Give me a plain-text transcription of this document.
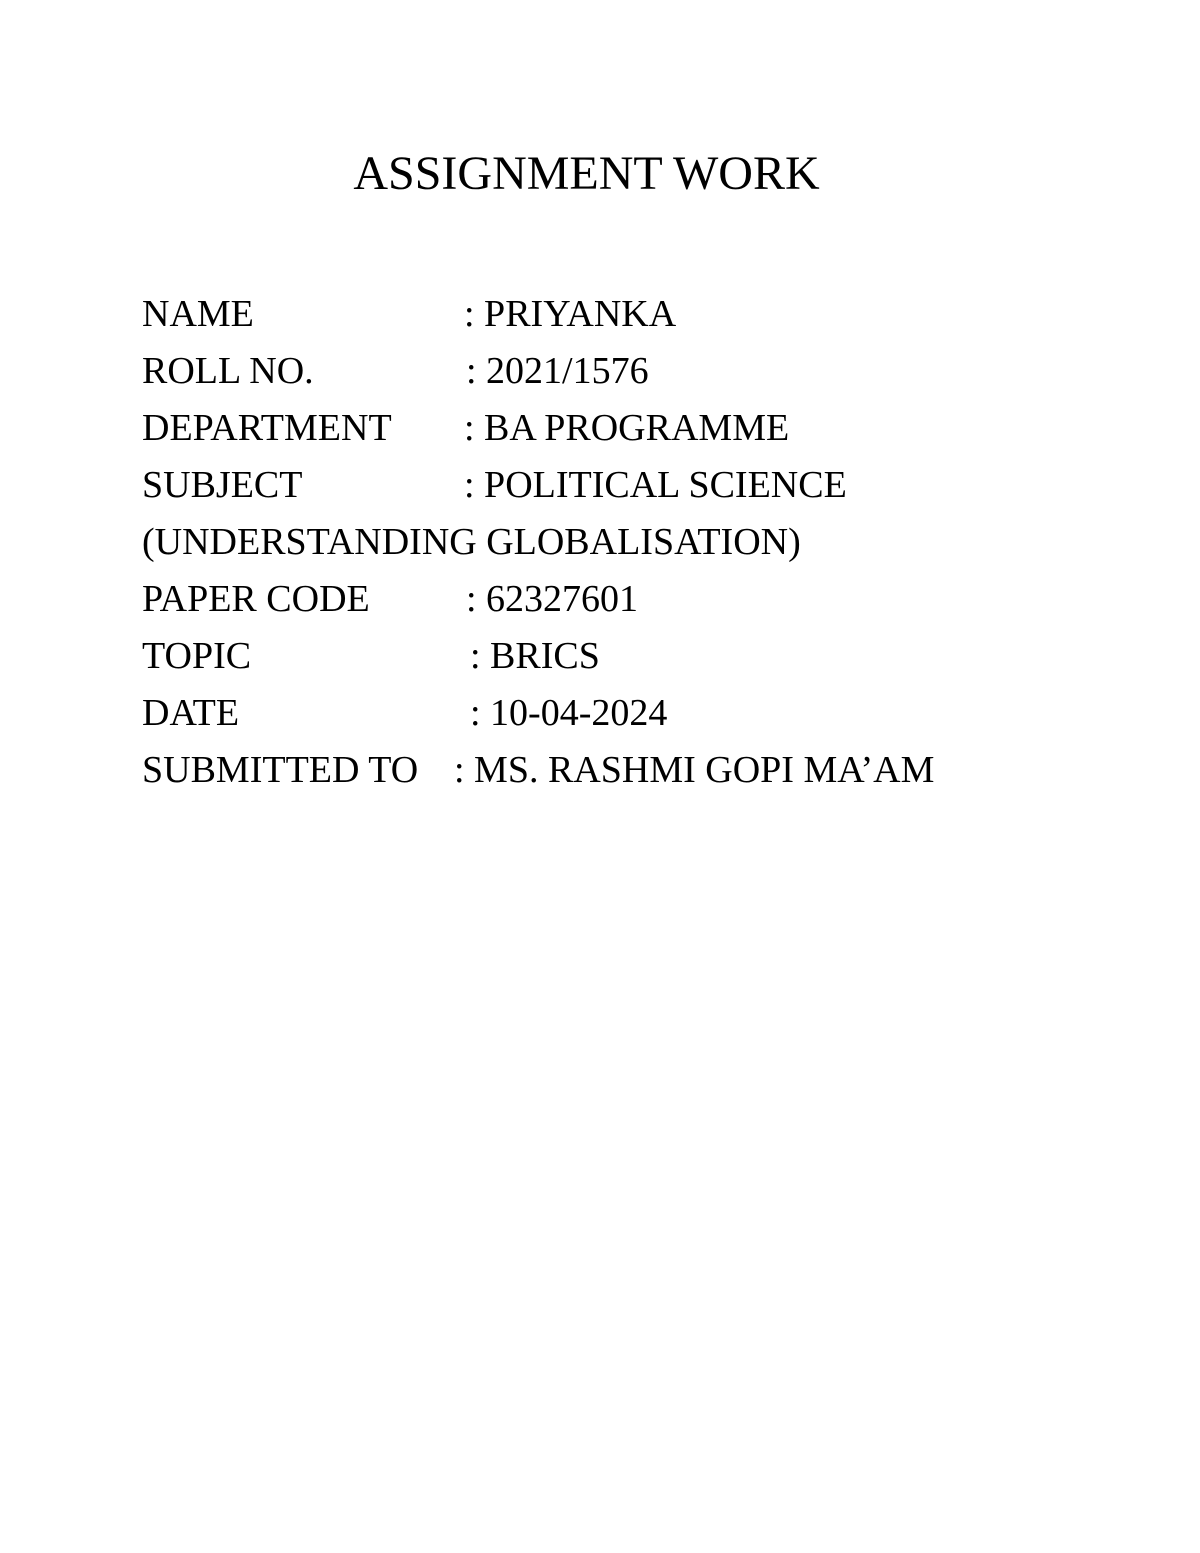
ASSIGNMENT WORK
NAME	: PRIYANKA
ROLL NO.	: 2021/1576
DEPARTMENT : BA PROGRAMME
SUBJECT	: POLITICAL SCIENCE
(UNDERSTANDING GLOBALISATION)
PAPER CODE	: 62327601
TOPIC	: BRICS
DATE	: 10-04-2024
SUBMITTED TO : MS. RASHMI GOPI MA’AM
